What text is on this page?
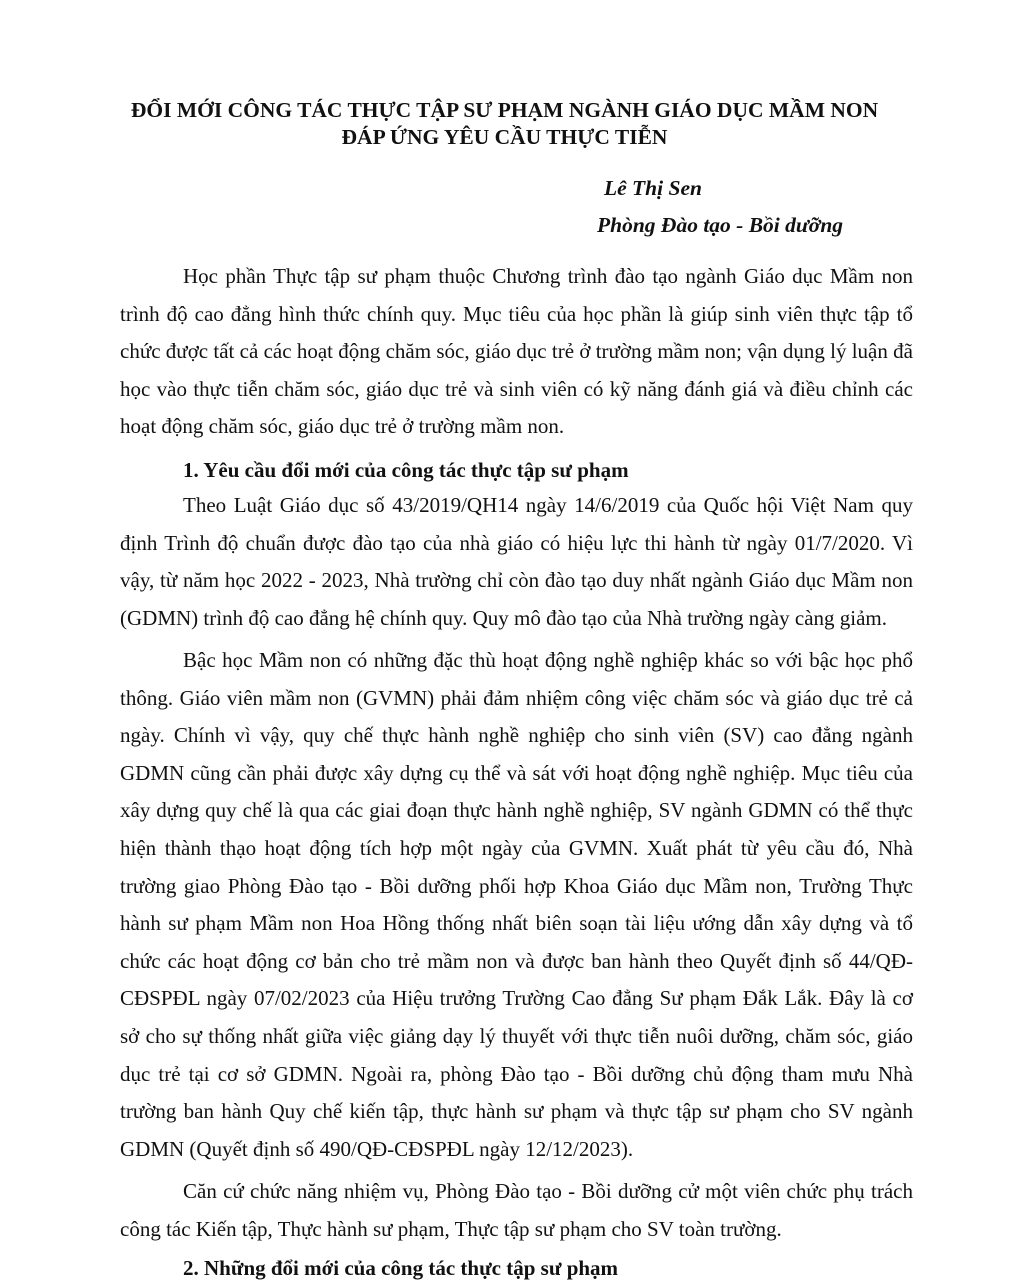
ĐỔI MỚI CÔNG TÁC THỰC TẬP SƯ PHẠM NGÀNH GIÁO DỤC MẦM NON
ĐÁP ỨNG YÊU CẦU THỰC TIỄN
Lê Thị Sen
Phòng Đào tạo - Bồi dưỡng

Học phần Thực tập sư phạm thuộc Chương trình đào tạo ngành Giáo dục Mầm non trình độ cao đẳng hình thức chính quy. Mục tiêu của học phần là giúp sinh viên thực tập tổ chức được tất cả các hoạt động chăm sóc, giáo dục trẻ ở trường mầm non; vận dụng lý luận đã học vào thực tiễn chăm sóc, giáo dục trẻ và sinh viên có kỹ năng đánh giá và điều chỉnh các hoạt động chăm sóc, giáo dục trẻ ở trường mầm non.

1. Yêu cầu đổi mới của công tác thực tập sư phạm

Theo Luật Giáo dục số 43/2019/QH14 ngày 14/6/2019 của Quốc hội Việt Nam quy định Trình độ chuẩn được đào tạo của nhà giáo có hiệu lực thi hành từ ngày 01/7/2020. Vì vậy, từ năm học 2022 - 2023, Nhà trường chỉ còn đào tạo duy nhất ngành Giáo dục Mầm non (GDMN) trình độ cao đẳng hệ chính quy. Quy mô đào tạo của Nhà trường ngày càng giảm.

Bậc học Mầm non có những đặc thù hoạt động nghề nghiệp khác so với bậc học phổ thông. Giáo viên mầm non (GVMN) phải đảm nhiệm công việc chăm sóc và giáo dục trẻ cả ngày. Chính vì vậy, quy chế thực hành nghề nghiệp cho sinh viên (SV) cao đẳng ngành GDMN cũng cần phải được xây dựng cụ thể và sát với hoạt động nghề nghiệp. Mục tiêu của xây dựng quy chế là qua các giai đoạn thực hành nghề nghiệp, SV ngành GDMN có thể thực hiện thành thạo hoạt động tích hợp một ngày của GVMN. Xuất phát từ yêu cầu đó, Nhà trường giao Phòng Đào tạo - Bồi dưỡng phối hợp Khoa Giáo dục Mầm non, Trường Thực hành sư phạm Mầm non Hoa Hồng thống nhất biên soạn tài liệu ướng dẫn xây dựng và tổ chức các hoạt động cơ bản cho trẻ mầm non và được ban hành theo Quyết định số 44/QĐ-CĐSPĐL ngày 07/02/2023 của Hiệu trưởng Trường Cao đẳng Sư phạm Đắk Lắk. Đây là cơ sở cho sự thống nhất giữa việc giảng dạy lý thuyết với thực tiễn nuôi dưỡng, chăm sóc, giáo dục trẻ tại cơ sở GDMN. Ngoài ra, phòng Đào tạo - Bồi dưỡng chủ động tham mưu Nhà trường ban hành Quy chế kiến tập, thực hành sư phạm và thực tập sư phạm cho SV ngành GDMN (Quyết định số 490/QĐ-CĐSPĐL ngày 12/12/2023).

Căn cứ chức năng nhiệm vụ, Phòng Đào tạo - Bồi dưỡng cử một viên chức phụ trách công tác Kiến tập, Thực hành sư phạm, Thực tập sư phạm cho SV toàn trường.

2. Những đổi mới của công tác thực tập sư phạm
